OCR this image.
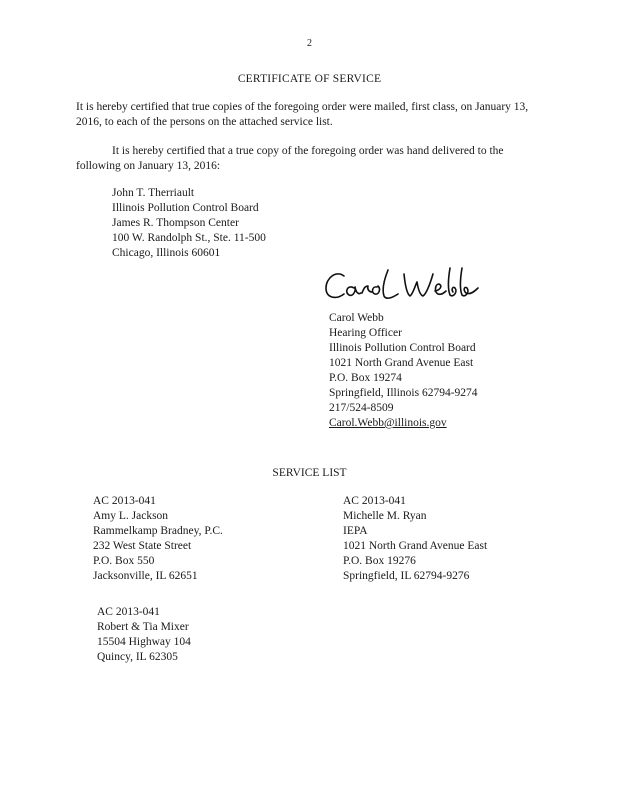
2
CERTIFICATE OF SERVICE

It is hereby certified that true copies of the foregoing order were mailed, first class, on January 13, 2016, to each of the persons on the attached service list.

It is hereby certified that a true copy of the foregoing order was hand delivered to the following on January 13, 2016:

John T. Therriault
Illinois Pollution Control Board
James R. Thompson Center
100 W. Randolph St., Ste. 11-500
Chicago, Illinois 60601
Carol Webb
Hearing Officer
Illinois Pollution Control Board
1021 North Grand Avenue East
P.O. Box 19274
Springfield, Illinois 62794-9274
217/524-8509
Carol.Webb@illinois.gov
SERVICE LIST
AC 2013-041
Amy L. Jackson
Rammelkamp Bradney, P.C.
232 West State Street
P.O. Box 550
Jacksonville, IL 62651
AC 2013-041
Michelle M. Ryan
IEPA
1021 North Grand Avenue East
P.O. Box 19276
Springfield, IL 62794-9276
AC 2013-041
Robert & Tia Mixer
15504 Highway 104
Quincy, IL 62305
